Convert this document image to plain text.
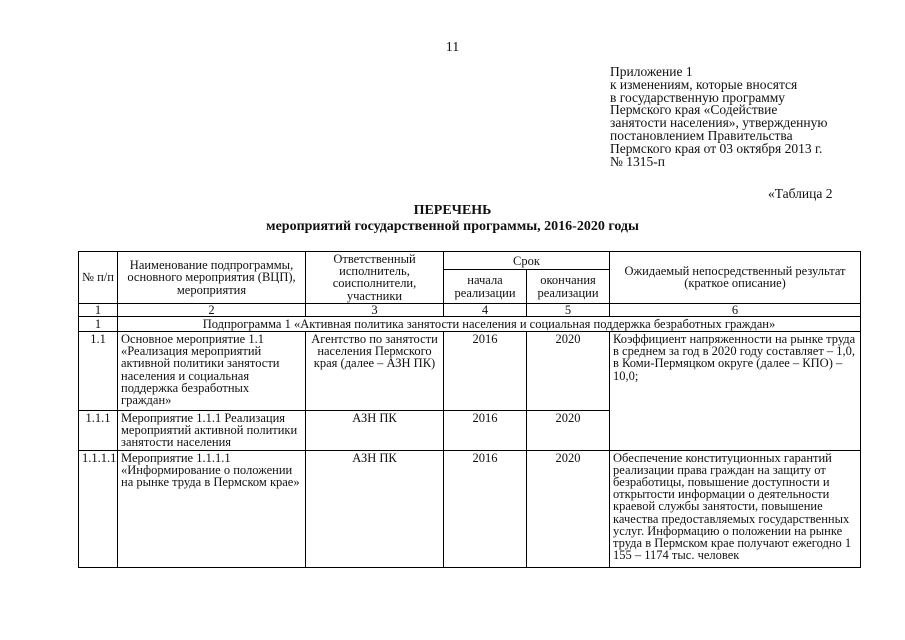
11
Приложение 1
к изменениям, которые вносятся
в государственную программу
Пермского края «Содействие
занятости населения», утвержденную
постановлением Правительства
Пермского края от 03 октября 2013 г.
№ 1315-п
«Таблица 2
ПЕРЕЧЕНЬ
мероприятий государственной программы, 2016-2020 годы
№ п/п	Наименование подпрограммы, основного мероприятия (ВЦП), мероприятия	Ответственный исполнитель, соисполнители, участники	Срок		Ожидаемый непосредственный результат (краткое описание)
			начала реализации	окончания реализации	
1	2	3	4	5	6
1	Подпрограмма 1 «Активная политика занятости населения и социальная поддержка безработных граждан»				
1.1	Основное мероприятие 1.1 «Реализация мероприятий активной политики занятости населения и социальная поддержка безработных граждан»	Агентство по занятости населения Пермского края (далее – АЗН ПК)	2016	2020	Коэффициент напряженности на рынке труда в среднем за год в 2020 году составляет – 1,0, в Коми-Пермяцком округе (далее – КПО) – 10,0;
1.1.1	Мероприятие 1.1.1 Реализация мероприятий активной политики занятости населения	АЗН ПК	2016	2020	
1.1.1.1	Мероприятие 1.1.1.1 «Информирование о положении на рынке труда в Пермском крае»	АЗН ПК	2016	2020	Обеспечение конституционных гарантий реализации права граждан на защиту от безработицы, повышение доступности и открытости информации о деятельности краевой службы занятости, повышение качества предоставляемых государственных услуг. Информацию о положении на рынке труда в Пермском крае получают ежегодно 1 155 – 1174 тыс. человек
